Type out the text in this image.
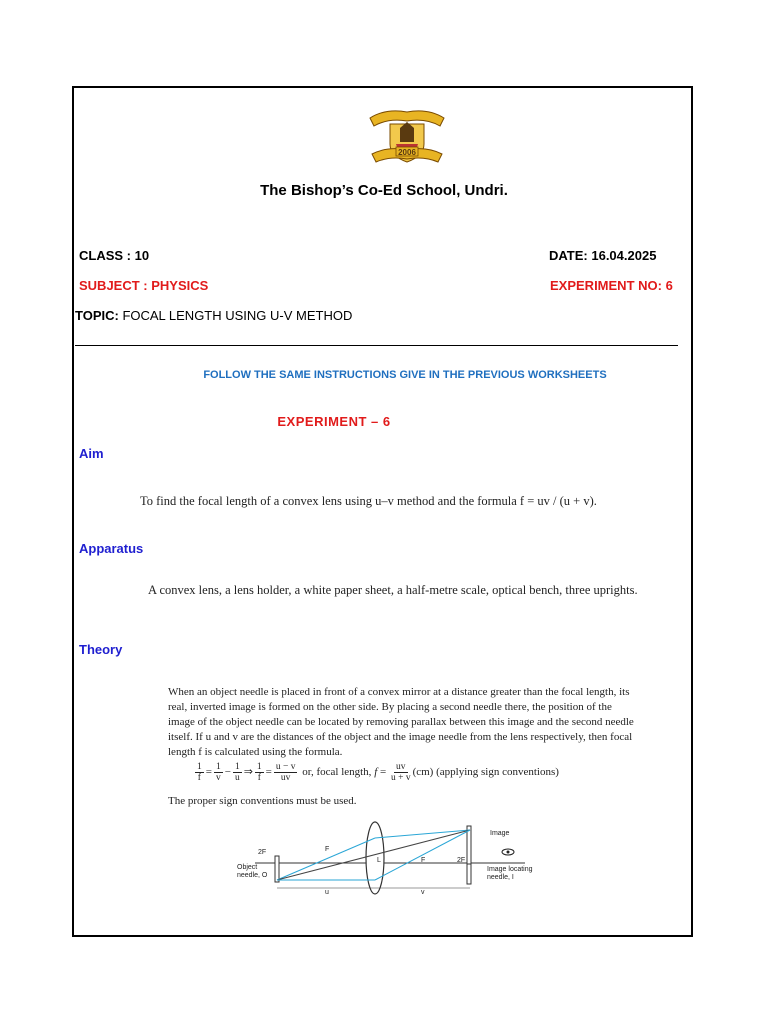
2006
The Bishop’s Co-Ed School, Undri.
CLASS : 10	DATE: 16.04.2025
SUBJECT : PHYSICS	EXPERIMENT NO: 6
TOPIC: FOCAL LENGTH USING U-V METHOD
FOLLOW THE SAME INSTRUCTIONS GIVE IN THE PREVIOUS WORKSHEETS
EXPERIMENT – 6
Aim
To find the focal length of a convex lens using u–v method and the formula f = uv / (u + v).
Apparatus
A convex lens, a lens holder, a white paper sheet, a half-metre scale, optical bench, three uprights.
Theory
When an object needle is placed in front of a convex mirror at a distance greater than the focal length, its real, inverted image is formed on the other side. By placing a second needle there, the position of the image of the object needle can be located by removing parallax between this image and the second needle itself. If u and v are the distances of the object and the image needle from the lens respectively, then focal length f is calculated using the formula.
$\frac{1}{f} = \frac{1}{v} - \frac{1}{u}$ ⇒ $\frac{1}{f} = \frac{u - v}{uv}$ or, focal length, $f = \frac{uv}{u + v} (cm)$ (applying sign conventions)
The proper sign conventions must be used.
2F	F
L	F	2F
Object
needle, O
Image
Image locating
needle, I
u	v
